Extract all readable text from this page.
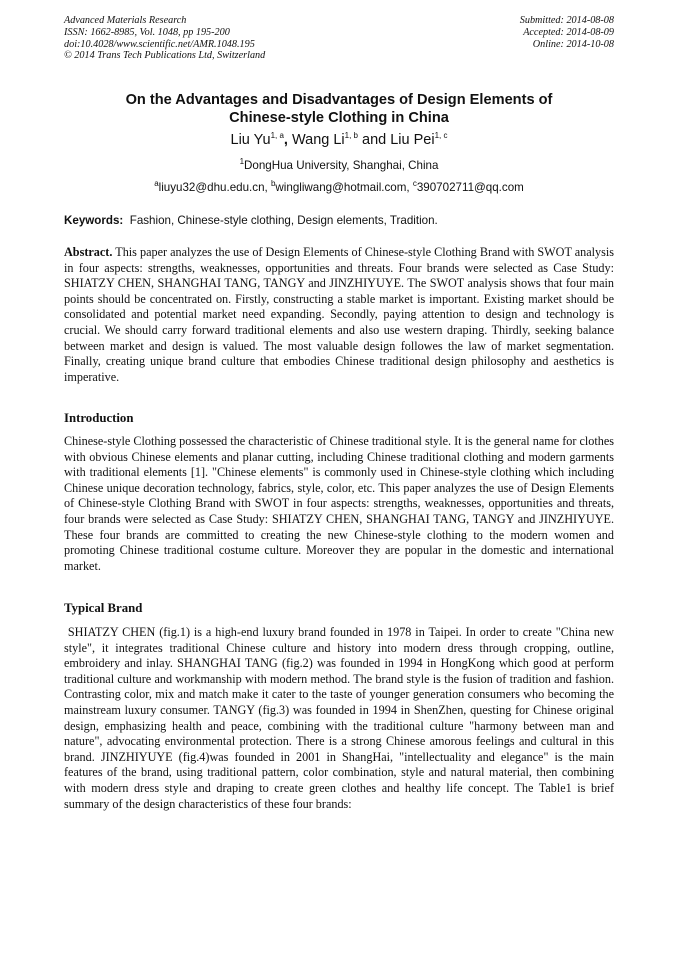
Advanced Materials Research
ISSN: 1662-8985, Vol. 1048, pp 195-200
doi:10.4028/www.scientific.net/AMR.1048.195
© 2014 Trans Tech Publications Ltd, Switzerland
Submitted: 2014-08-08
Accepted: 2014-08-09
Online: 2014-10-08
On the Advantages and Disadvantages of Design Elements of
Chinese-style Clothing in China
Liu Yu$^{1, a}$, Wang Li$^{1, b}$ and Liu Pei$^{1, c}$
$^1$DongHua University, Shanghai, China
$^a$liuyu32@dhu.edu.cn, $^b$wingliwang@hotmail.com, $^c$390702711@qq.com
Keywords: Fashion, Chinese-style clothing, Design elements, Tradition.
Abstract. This paper analyzes the use of Design Elements of Chinese-style Clothing Brand with SWOT analysis in four aspects: strengths, weaknesses, opportunities and threats. Four brands were selected as Case Study: SHIATZY CHEN, SHANGHAI TANG, TANGY and JINZHIYUYE. The SWOT analysis shows that four main points should be concentrated on. Firstly, constructing a stable market is important. Existing market should be consolidated and potential market need expanding. Secondly, paying attention to design and technology is crucial. We should carry forward traditional elements and also use western draping. Thirdly, seeking balance between market and design is valued. The most valuable design followes the law of market segmentation. Finally, creating unique brand culture that embodies Chinese traditional design philosophy and aesthetics is imperative.
Introduction
Chinese-style Clothing possessed the characteristic of Chinese traditional style. It is the general name for clothes with obvious Chinese elements and planar cutting, including Chinese traditional clothing and modern garments with traditional elements [1]. "Chinese elements" is commonly used in Chinese-style clothing which including Chinese unique decoration technology, fabrics, style, color, etc. This paper analyzes the use of Design Elements of Chinese-style Clothing Brand with SWOT in four aspects: strengths, weaknesses, opportunities and threats, four brands were selected as Case Study: SHIATZY CHEN, SHANGHAI TANG, TANGY and JINZHIYUYE. These four brands are committed to creating the new Chinese-style clothing to the modern women and promoting Chinese traditional costume culture. Moreover they are popular in the domestic and international market.
Typical Brand
SHIATZY CHEN (fig.1) is a high-end luxury brand founded in 1978 in Taipei. In order to create "China new style", it integrates traditional Chinese culture and history into modern dress through cropping, outline, embroidery and inlay. SHANGHAI TANG (fig.2) was founded in 1994 in HongKong which good at perform traditional culture and workmanship with modern method. The brand style is the fusion of tradition and fashion. Contrasting color, mix and match make it cater to the taste of younger generation consumers who becoming the mainstream luxury consumer. TANGY (fig.3) was founded in 1994 in ShenZhen, questing for Chinese original design, emphasizing health and peace, combining with the traditional culture "harmony between man and nature", advocating environmental protection. There is a strong Chinese amorous feelings and cultural in this brand. JINZHIYUYE (fig.4)was founded in 2001 in ShangHai, "intellectuality and elegance" is the main features of the brand, using traditional pattern, color combination, style and natural material, then combining with modern dress style and draping to create green clothes and healthy life concept. The Table1 is brief summary of the design characteristics of these four brands:
